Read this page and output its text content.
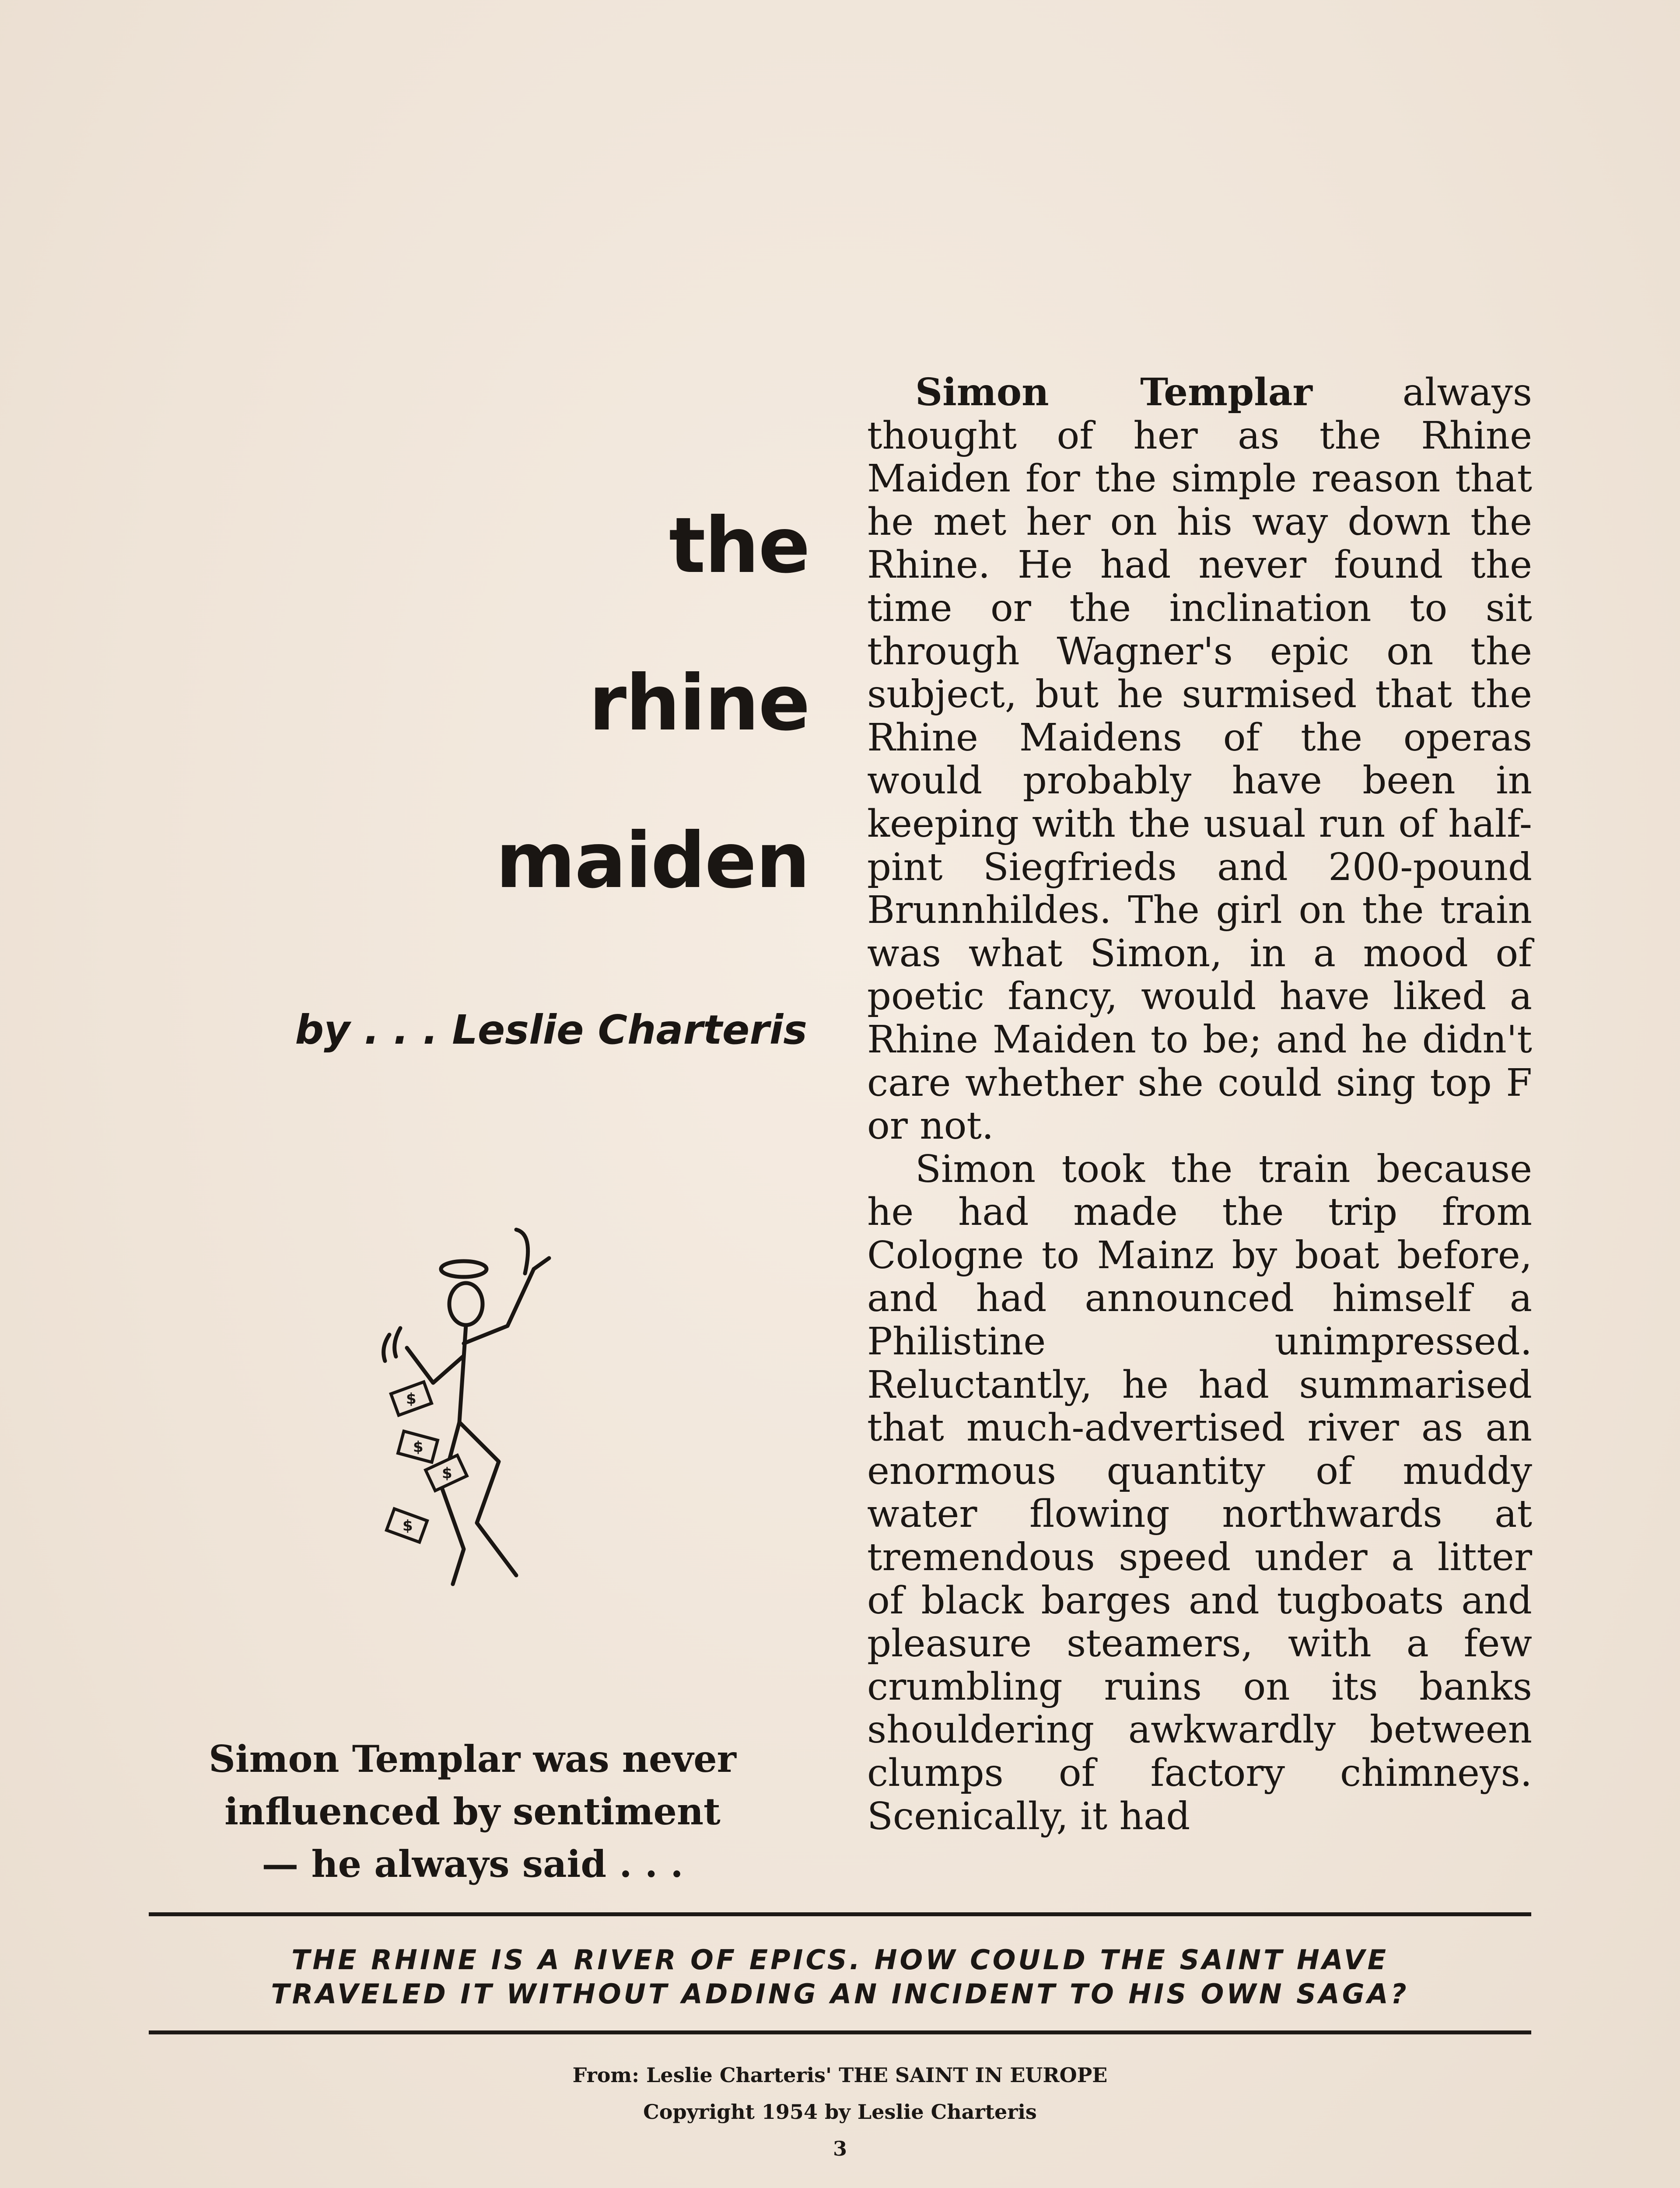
the
rhine
maiden
by . . . Leslie Charteris
$
$
$
$
Simon Templar was never
influenced by sentiment
— he always said . . .

Simon Templar always thought of her as the Rhine Maiden for the simple reason that he met her on his way down the Rhine. He had never found the time or the inclination to sit through Wagner's epic on the subject, but he surmised that the Rhine Maidens of the operas would probably have been in keeping with the usual run of half-pint Siegfrieds and 200-pound Brunnhildes. The girl on the train was what Simon, in a mood of poetic fancy, would have liked a Rhine Maiden to be; and he didn't care whether she could sing top F or not.

Simon took the train because he had made the trip from Cologne to Mainz by boat before, and had announced himself a Philistine unimpressed. Reluctantly, he had summarised that much-advertised river as an enormous quantity of muddy water flowing northwards at tremendous speed under a litter of black barges and tugboats and pleasure steamers, with a few crumbling ruins on its banks shouldering awkwardly between clumps of factory chimneys. Scenically, it had

THE RHINE IS A RIVER OF EPICS. HOW COULD THE SAINT HAVE
TRAVELED IT WITHOUT ADDING AN INCIDENT TO HIS OWN SAGA?
From: Leslie Charteris' THE SAINT IN EUROPE
Copyright 1954 by Leslie Charteris
3
